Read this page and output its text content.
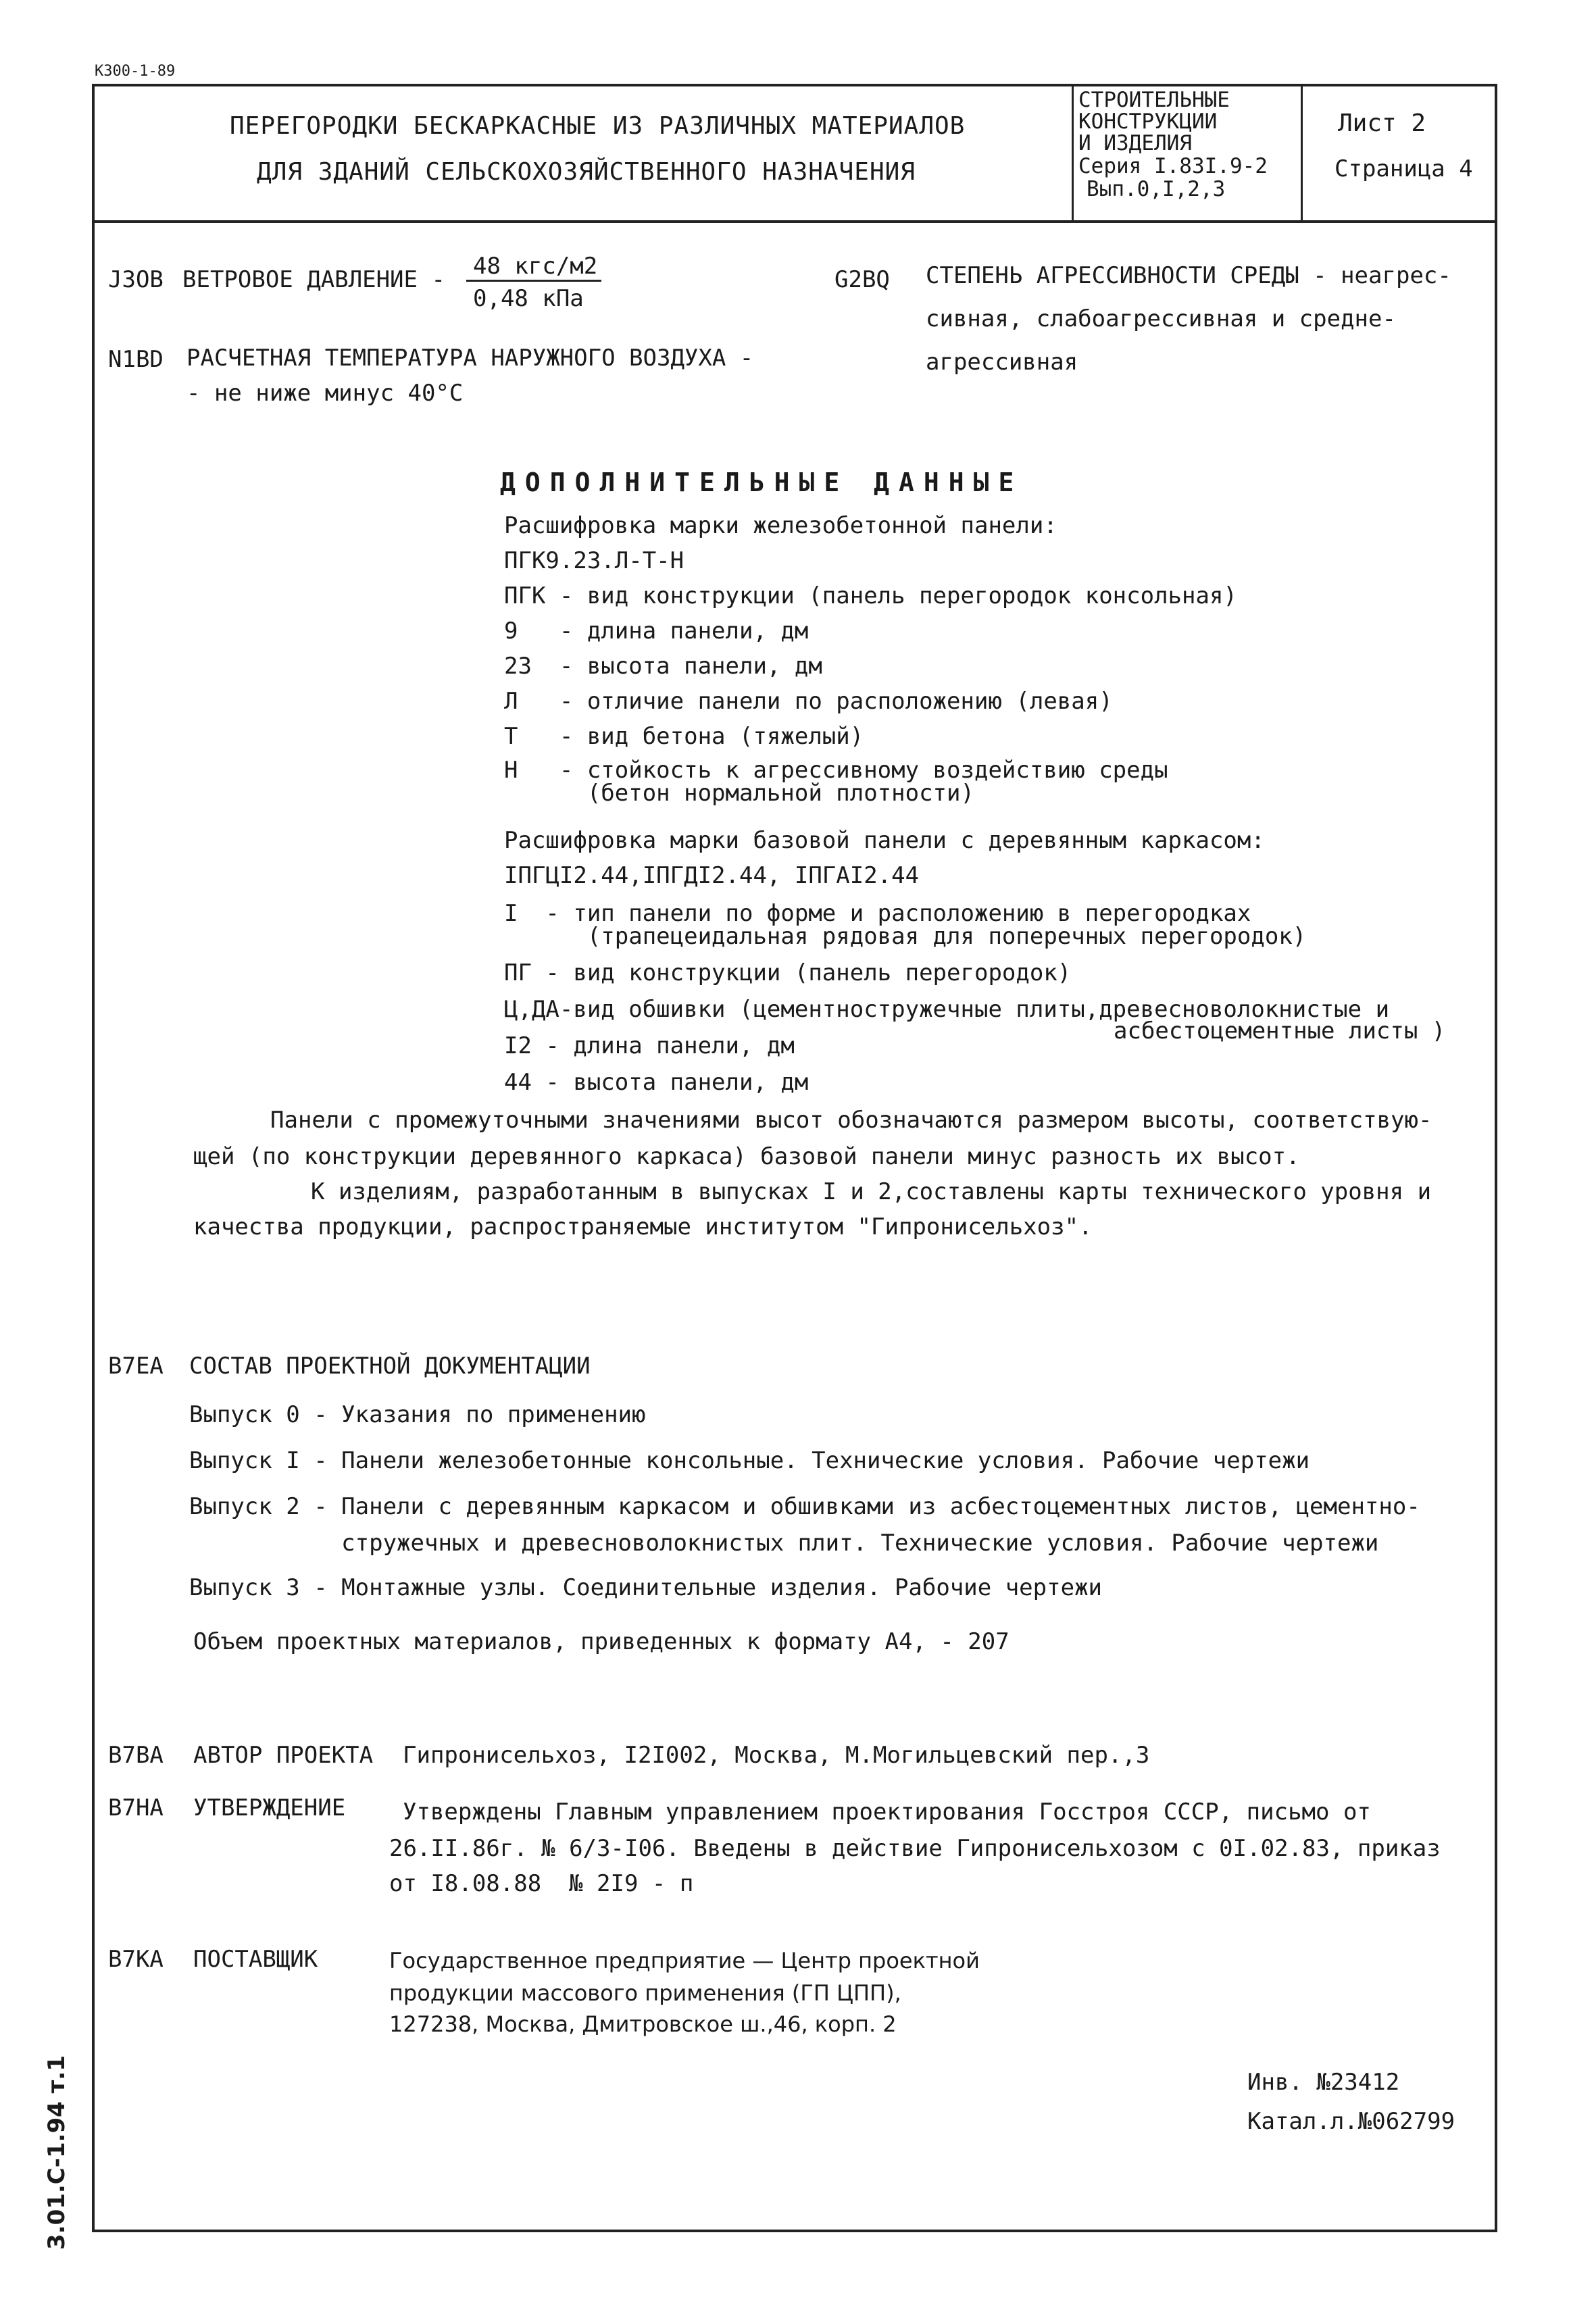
К300-1-89
ПЕРЕГОРОДКИ БЕСКАРКАСНЫЕ ИЗ РАЗЛИЧНЫХ МАТЕРИАЛОВ
ДЛЯ ЗДАНИЙ СЕЛЬСКОХОЗЯЙСТВЕННОГО НАЗНАЧЕНИЯ
СТРОИТЕЛЬНЫЕ
КОНСТРУКЦИИ
И ИЗДЕЛИЯ
Серия I.83I.9-2
Вып.0,I,2,3
Лист 2
Страница 4
J3ОВ ВЕТРОВОЕ ДАВЛЕНИЕ - 48 кгс/м2
0,48 кПа
N1ВD РАСЧЕТНАЯ ТЕМПЕРАТУРА НАРУЖНОГО ВОЗДУХА -
- не ниже минус 40°С
G2ВQ СТЕПЕНЬ АГРЕССИВНОСТИ СРЕДЫ - неагрес-
сивная, слабоагрессивная и средне-
агрессивная
ДОПОЛНИТЕЛЬНЫЕ ДАННЫЕ
Расшифровка марки железобетонной панели:
ПГК9.23.Л-Т-Н
ПГК - вид конструкции (панель перегородок консольная)
9   - длина панели, дм
23  - высота панели, дм
Л   - отличие панели по расположению (левая)
Т   - вид бетона (тяжелый)
Н   - стойкость к агрессивному воздействию среды
(бетон нормальной плотности)
Расшифровка марки базовой панели с деревянным каркасом:
IПГЦI2.44,IПГДI2.44, IПГАI2.44
I  - тип панели по форме и расположению в перегородках
(трапецеидальная рядовая для поперечных перегородок)
ПГ - вид конструкции (панель перегородок)
Ц,ДА-вид обшивки (цементностружечные плиты,древесноволокнистые и
асбестоцементные листы )
I2 - длина панели, дм
44 - высота панели, дм
Панели с промежуточными значениями высот обозначаются размером высоты, соответствую-
щей (по конструкции деревянного каркаса) базовой панели минус разность их высот.
К изделиям, разработанным в выпусках I и 2,составлены карты технического уровня и
качества продукции, распространяемые институтом "Гипронисельхоз".
В7ЕА СОСТАВ ПРОЕКТНОЙ ДОКУМЕНТАЦИИ
Выпуск 0 - Указания по применению
Выпуск I - Панели железобетонные консольные. Технические условия. Рабочие чертежи
Выпуск 2 - Панели с деревянным каркасом и обшивками из асбестоцементных листов, цементно-
стружечных и древесноволокнистых плит. Технические условия. Рабочие чертежи
Выпуск 3 - Монтажные узлы. Соединительные изделия. Рабочие чертежи
Объем проектных материалов, приведенных к формату А4, - 207
В7ВА АВТОР ПРОЕКТА Гипронисельхоз, I2I002, Москва, М.Могильцевский пер.,3
В7НА УТВЕРЖДЕНИЕ Утверждены Главным управлением проектирования Госстроя СССР, письмо от
26.II.86г. № 6/3-I06. Введены в действие Гипронисельхозом с 0I.02.83, приказ
от I8.08.88  № 2I9 - п
В7КА ПОСТАВЩИК	Государственное предприятие — Центр проектной
продукции массового применения (ГП ЦПП),
127238, Москва, Дмитровское ш.,46, корп. 2
Инв. №23412
Катал.л.№062799
3.01.С-1.94 т.1
